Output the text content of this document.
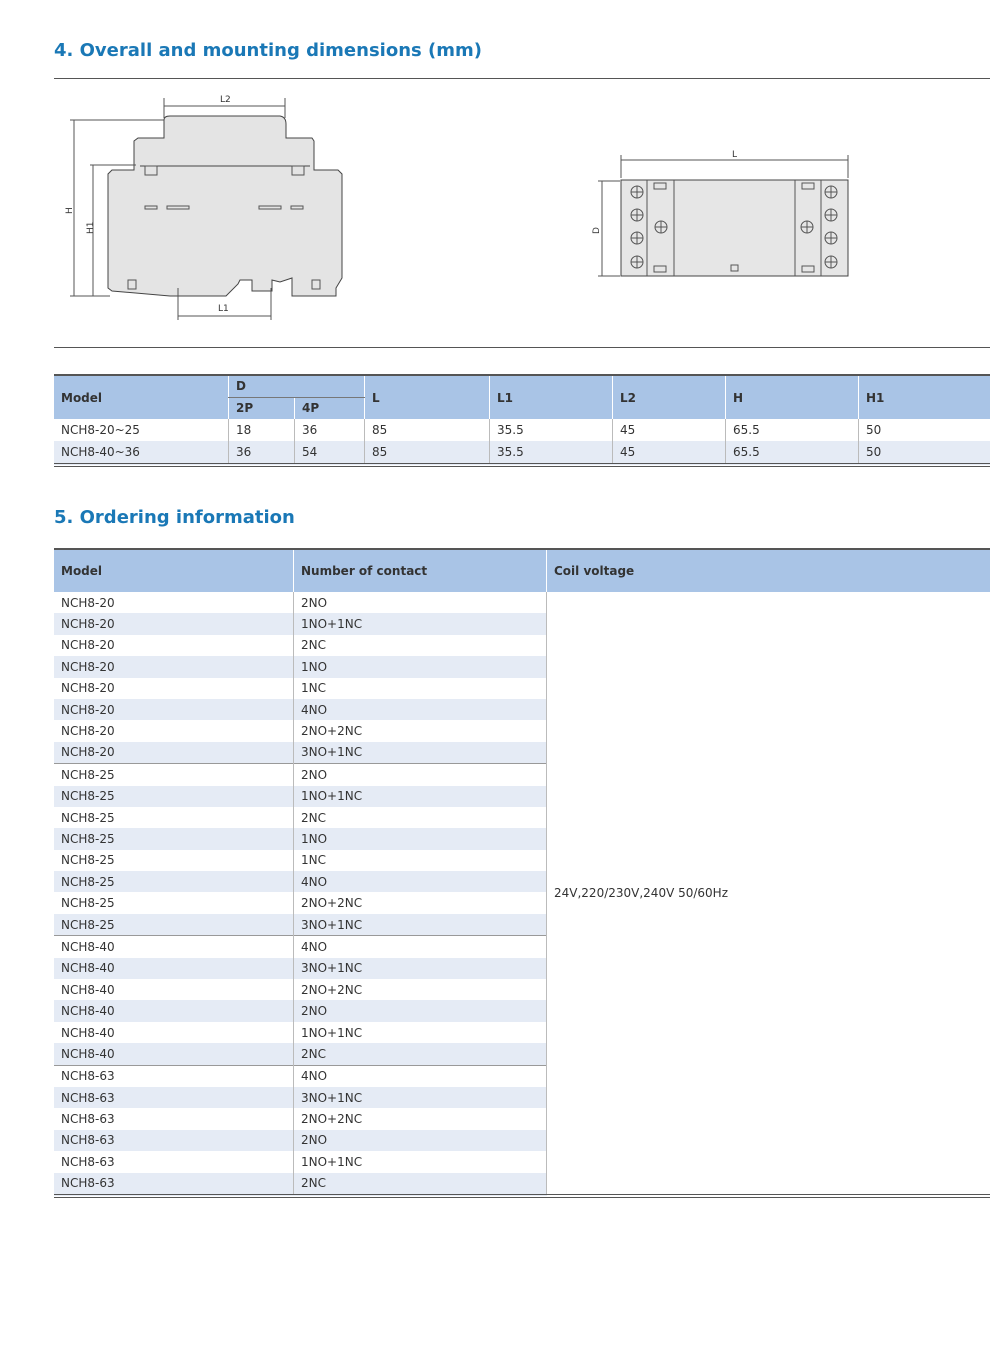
4. Overall and mounting dimensions (mm)
L2
H
H1
L1
L
D
Model	D		L	L1	L2	H	H1
	2P	4P					
NCH8-20~25	18	36	85	35.5	45	65.5	50
NCH8-40~36	36	54	85	35.5	45	65.5	50
5. Ordering information
Model	Number of contact	Coil voltage
NCH8-20	2NO	24V,220/230V,240V 50/60Hz
NCH8-20	1NO+1NC	
NCH8-20	2NC	
NCH8-20	1NO	
NCH8-20	1NC	
NCH8-20	4NO	
NCH8-20	2NO+2NC	
NCH8-20	3NO+1NC	
NCH8-25	2NO	
NCH8-25	1NO+1NC	
NCH8-25	2NC	
NCH8-25	1NO	
NCH8-25	1NC	
NCH8-25	4NO	
NCH8-25	2NO+2NC	
NCH8-25	3NO+1NC	
NCH8-40	4NO	
NCH8-40	3NO+1NC	
NCH8-40	2NO+2NC	
NCH8-40	2NO	
NCH8-40	1NO+1NC	
NCH8-40	2NC	
NCH8-63	4NO	
NCH8-63	3NO+1NC	
NCH8-63	2NO+2NC	
NCH8-63	2NO	
NCH8-63	1NO+1NC	
NCH8-63	2NC	
